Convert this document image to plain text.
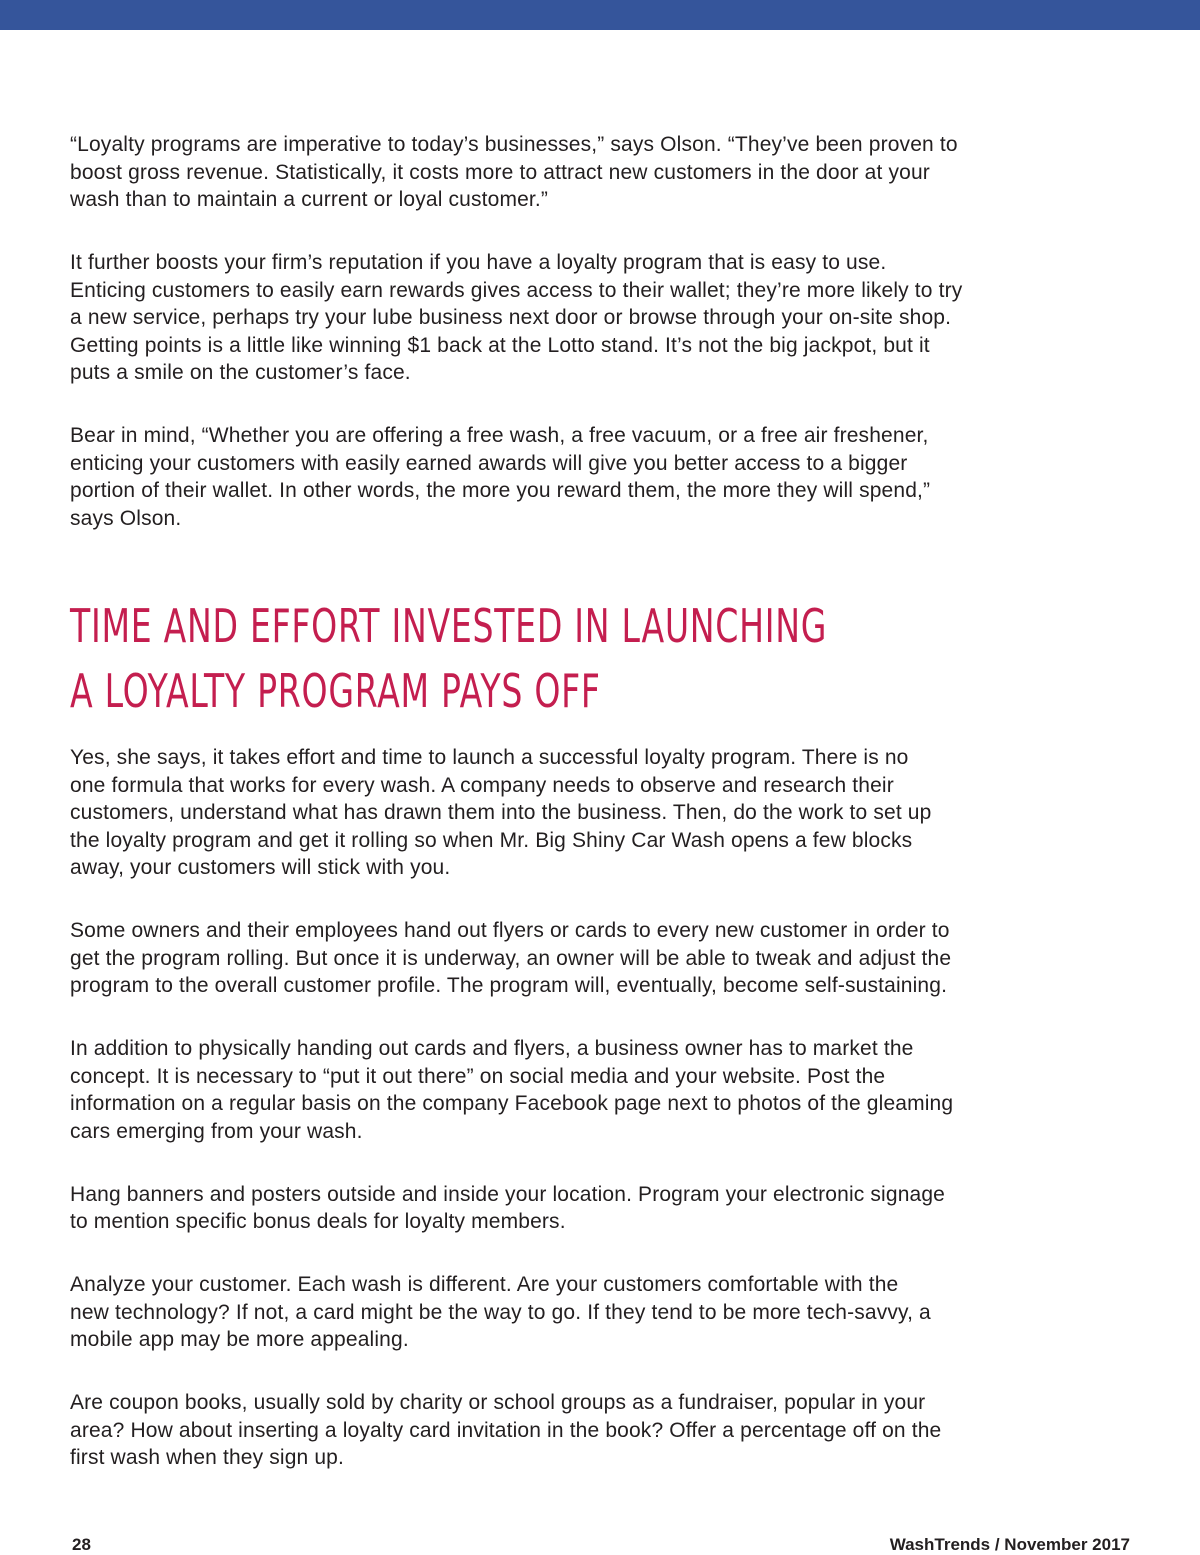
“Loyalty programs are imperative to today’s businesses,” says Olson. “They’ve been proven to
boost gross revenue. Statistically, it costs more to attract new customers in the door at your
wash than to maintain a current or loyal customer.”

It further boosts your firm’s reputation if you have a loyalty program that is easy to use.
Enticing customers to easily earn rewards gives access to their wallet; they’re more likely to try
a new service, perhaps try your lube business next door or browse through your on-site shop.
Getting points is a little like winning $1 back at the Lotto stand. It’s not the big jackpot, but it
puts a smile on the customer’s face.

Bear in mind, “Whether you are offering a free wash, a free vacuum, or a free air freshener,
enticing your customers with easily earned awards will give you better access to a bigger
portion of their wallet. In other words, the more you reward them, the more they will spend,”
says Olson.

TIME AND EFFORT INVESTED IN LAUNCHING
A LOYALTY PROGRAM PAYS OFF

Yes, she says, it takes effort and time to launch a successful loyalty program. There is no
one formula that works for every wash. A company needs to observe and research their
customers, understand what has drawn them into the business. Then, do the work to set up
the loyalty program and get it rolling so when Mr. Big Shiny Car Wash opens a few blocks
away, your customers will stick with you.

Some owners and their employees hand out flyers or cards to every new customer in order to
get the program rolling. But once it is underway, an owner will be able to tweak and adjust the
program to the overall customer profile. The program will, eventually, become self-sustaining.

In addition to physically handing out cards and flyers, a business owner has to market the
concept. It is necessary to “put it out there” on social media and your website. Post the
information on a regular basis on the company Facebook page next to photos of the gleaming
cars emerging from your wash.

Hang banners and posters outside and inside your location. Program your electronic signage
to mention specific bonus deals for loyalty members.

Analyze your customer. Each wash is different. Are your customers comfortable with the
new technology? If not, a card might be the way to go. If they tend to be more tech-savvy, a
mobile app may be more appealing.

Are coupon books, usually sold by charity or school groups as a fundraiser, popular in your
area? How about inserting a loyalty card invitation in the book? Offer a percentage off on the
first wash when they sign up.

28	WashTrends / November 2017
